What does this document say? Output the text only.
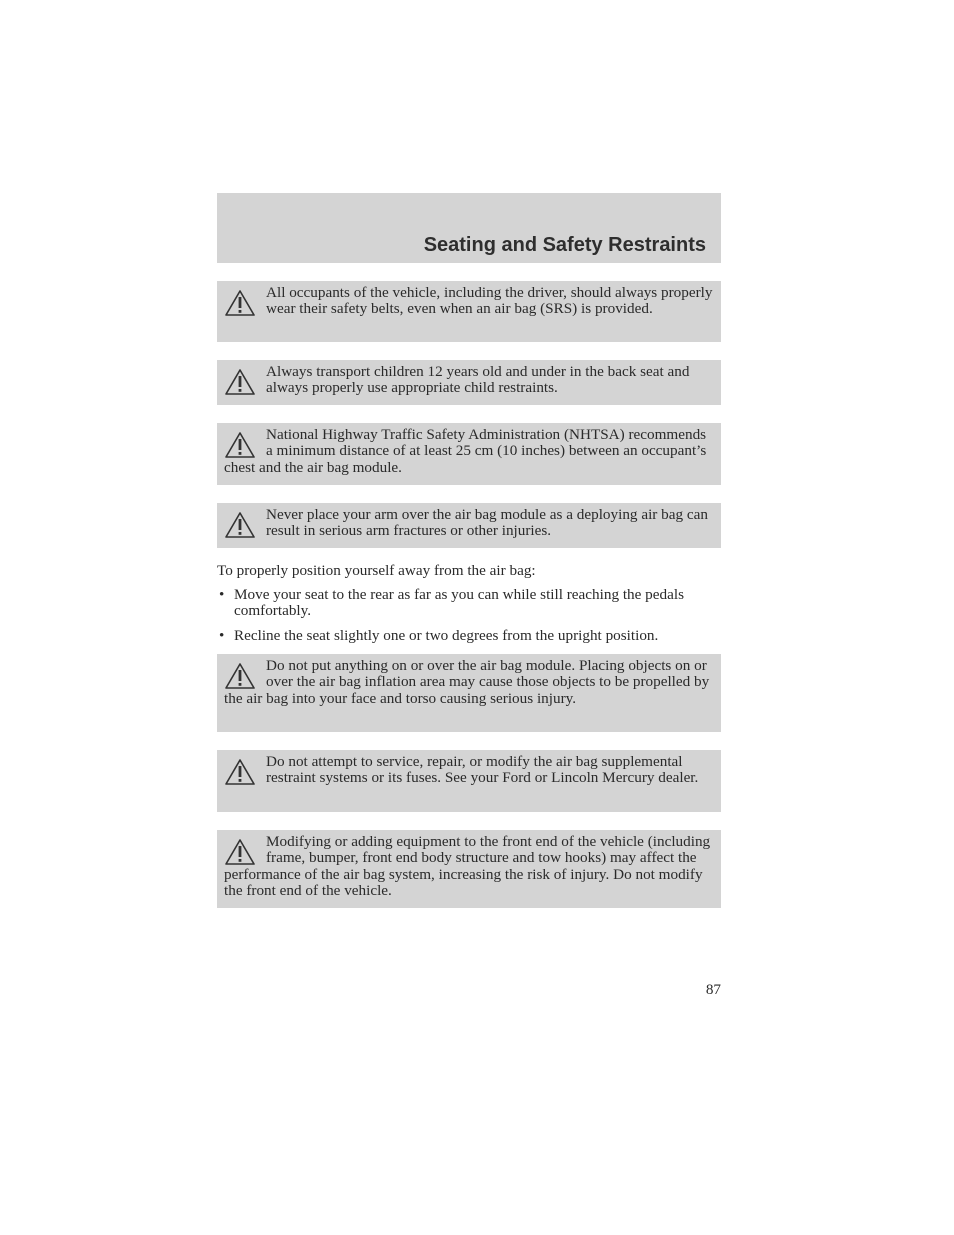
Seating and Safety Restraints
All occupants of the vehicle, including the driver, should always properly wear their safety belts, even when an air bag (SRS) is provided.
Always transport children 12 years old and under in the back seat and always properly use appropriate child restraints.
National Highway Traffic Safety Administration (NHTSA) recommends a minimum distance of at least 25 cm (10 inches) between an occupant’s chest and the air bag module.
Never place your arm over the air bag module as a deploying air bag can result in serious arm fractures or other injuries.

To properly position yourself away from the air bag:

• Move your seat to the rear as far as you can while still reaching the pedals comfortably.
• Recline the seat slightly one or two degrees from the upright position.
Do not put anything on or over the air bag module. Placing objects on or over the air bag inflation area may cause those objects to be propelled by the air bag into your face and torso causing serious injury.
Do not attempt to service, repair, or modify the air bag supplemental restraint systems or its fuses. See your Ford or Lincoln Mercury dealer.
Modifying or adding equipment to the front end of the vehicle (including frame, bumper, front end body structure and tow hooks) may affect the performance of the air bag system, increasing the risk of injury. Do not modify the front end of the vehicle.
87
